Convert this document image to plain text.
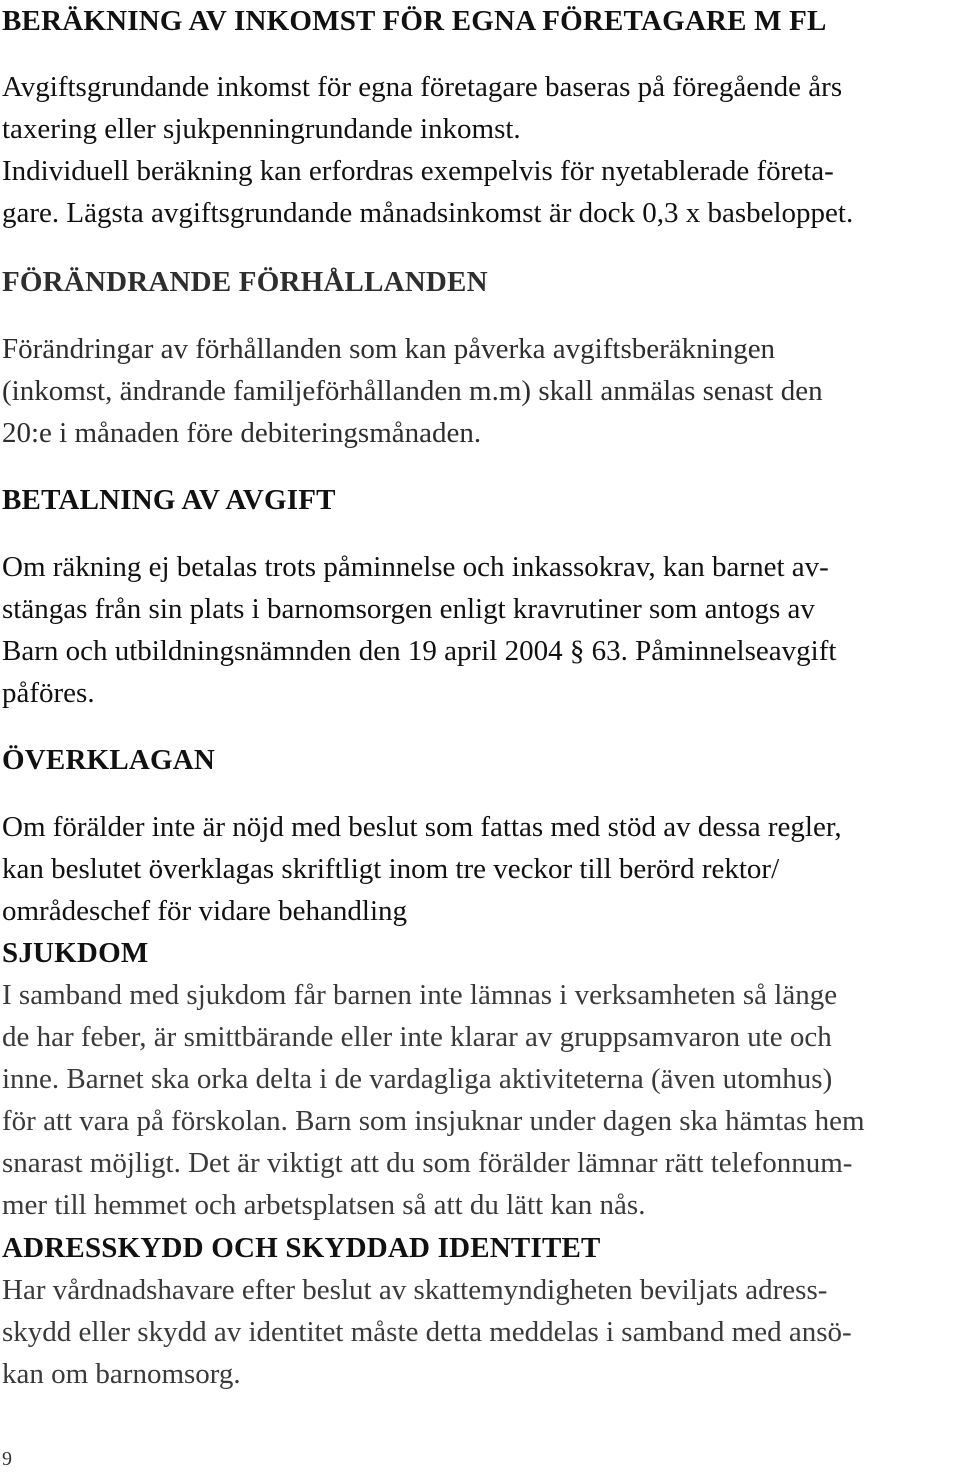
BERÄKNING AV INKOMST FÖR EGNA FÖRETAGARE M FL
Avgiftsgrundande inkomst för egna företagare baseras på föregående års
taxering eller sjukpenningrundande inkomst.
Individuell beräkning kan erfordras exempelvis för nyetablerade företa-
gare. Lägsta avgiftsgrundande månadsinkomst är dock 0,3 x basbeloppet.
FÖRÄNDRANDE FÖRHÅLLANDEN
Förändringar av förhållanden som kan påverka avgiftsberäkningen
(inkomst, ändrande familjeförhållanden m.m) skall anmälas senast den
20:e i månaden före debiteringsmånaden.
BETALNING AV AVGIFT
Om räkning ej betalas trots påminnelse och inkassokrav, kan barnet av-
stängas från sin plats i barnomsorgen enligt kravrutiner som antogs av
Barn och utbildningsnämnden den 19 april 2004 § 63. Påminnelseavgift
påföres.
ÖVERKLAGAN
Om förälder inte är nöjd med beslut som fattas med stöd av dessa regler,
kan beslutet överklagas skriftligt inom tre veckor till berörd rektor/
områdeschef för vidare behandling
SJUKDOM
I samband med sjukdom får barnen inte lämnas i verksamheten så länge
de har feber, är smittbärande eller inte klarar av gruppsamvaron ute och
inne. Barnet ska orka delta i de vardagliga aktiviteterna (även utomhus)
för att vara på förskolan. Barn som insjuknar under dagen ska hämtas hem
snarast möjligt. Det är viktigt att du som förälder lämnar rätt telefonnum-
mer till hemmet och arbetsplatsen så att du lätt kan nås.
ADRESSKYDD OCH SKYDDAD IDENTITET
Har vårdnadshavare efter beslut av skattemyndigheten beviljats adress-
skydd eller skydd av identitet måste detta meddelas i samband med ansö-
kan om barnomsorg.
9
